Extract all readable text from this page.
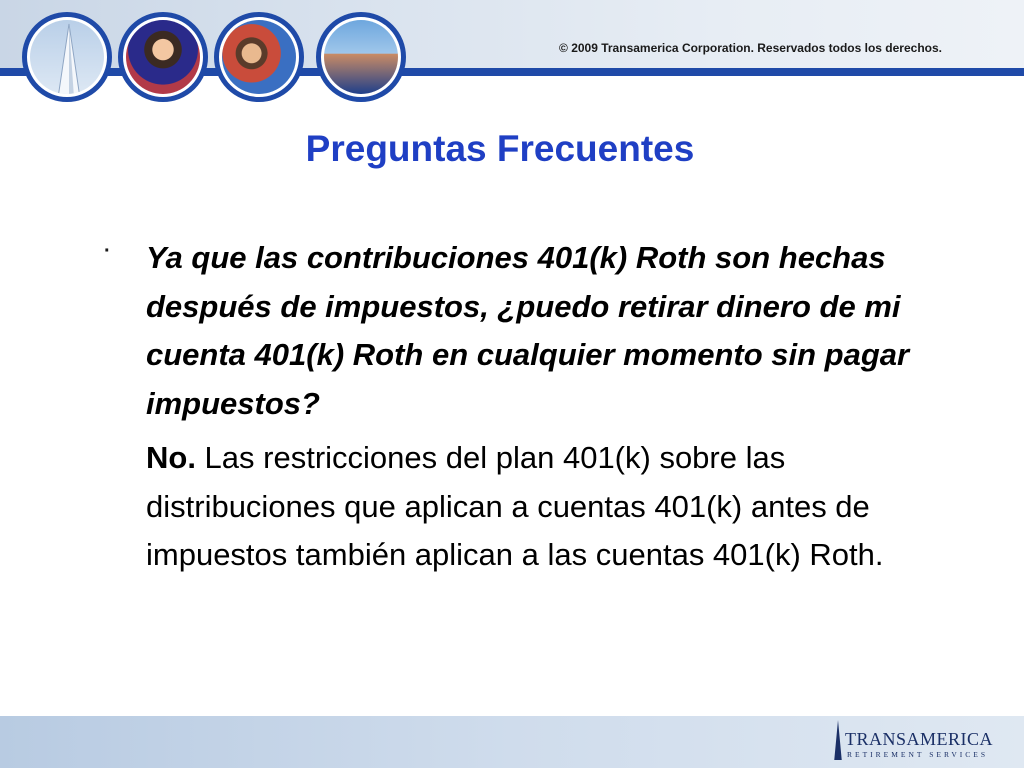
© 2009 Transamerica Corporation. Reservados todos los derechos.
Preguntas Frecuentes
· Ya que las contribuciones 401(k) Roth son hechas después de impuestos, ¿puedo retirar dinero de mi cuenta 401(k) Roth en cualquier momento sin pagar impuestos?

No. Las restricciones del plan 401(k) sobre las distribuciones que aplican a cuentas 401(k) antes de impuestos también aplican a las cuentas 401(k) Roth.

TRANSAMERICA
RETIREMENT SERVICES
